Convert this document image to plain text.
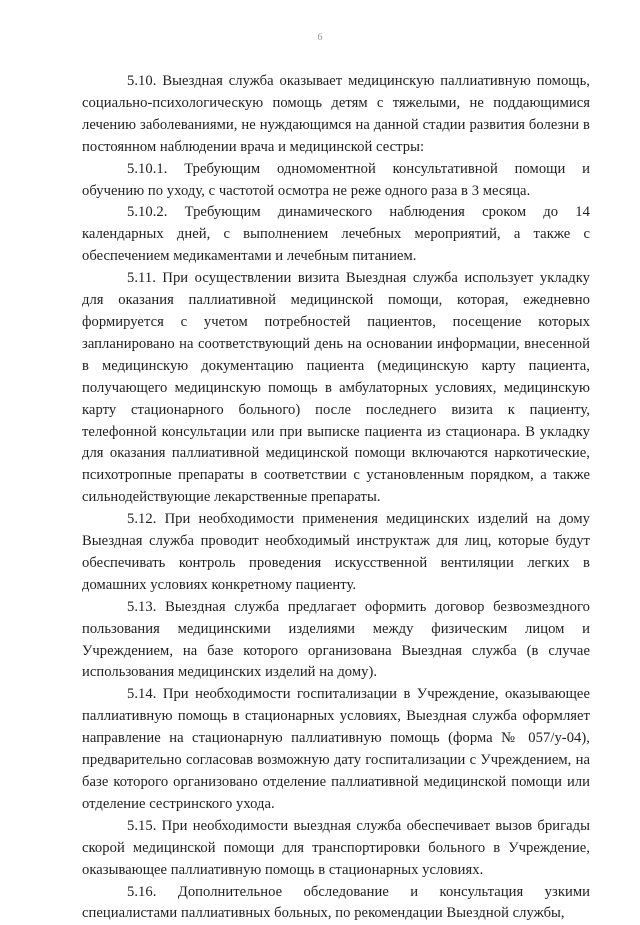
6

5.10. Выездная служба оказывает медицинскую паллиативную помощь, социально-психологическую помощь детям с тяжелыми, не поддающимися лечению заболеваниями, не нуждающимся на данной стадии развития болезни в постоянном наблюдении врача и медицинской сестры:

5.10.1. Требующим одномоментной консультативной помощи и обучению по уходу, с частотой осмотра не реже одного раза в 3 месяца.

5.10.2. Требующим динамического наблюдения сроком до 14 календарных дней, с выполнением лечебных мероприятий, а также с обеспечением медикаментами и лечебным питанием.

5.11. При осуществлении визита Выездная служба использует укладку для оказания паллиативной медицинской помощи, которая, ежедневно формируется с учетом потребностей пациентов, посещение которых запланировано на соответствующий день на основании информации, внесенной в медицинскую документацию пациента (медицинскую карту пациента, получающего медицинскую помощь в амбулаторных условиях, медицинскую карту стационарного больного) после последнего визита к пациенту, телефонной консультации или при выписке пациента из стационара. В укладку для оказания паллиативной медицинской помощи включаются наркотические, психотропные препараты в соответствии с установленным порядком, а также сильнодействующие лекарственные препараты.

5.12. При необходимости применения медицинских изделий на дому Выездная служба проводит необходимый инструктаж для лиц, которые будут обеспечивать контроль проведения искусственной вентиляции легких в домашних условиях конкретному пациенту.

5.13. Выездная служба предлагает оформить договор безвозмездного пользования медицинскими изделиями между физическим лицом и Учреждением, на базе которого организована Выездная служба (в случае использования медицинских изделий на дому).

5.14. При необходимости госпитализации в Учреждение, оказывающее паллиативную помощь в стационарных условиях, Выездная служба оформляет направление на стационарную паллиативную помощь (форма № 057/у-04), предварительно согласовав возможную дату госпитализации с Учреждением, на базе которого организовано отделение паллиативной медицинской помощи или отделение сестринского ухода.

5.15. При необходимости выездная служба обеспечивает вызов бригады скорой медицинской помощи для транспортировки больного в Учреждение, оказывающее паллиативную помощь в стационарных условиях.

5.16. Дополнительное обследование и консультация узкими специалистами паллиативных больных, по рекомендации Выездной службы,
